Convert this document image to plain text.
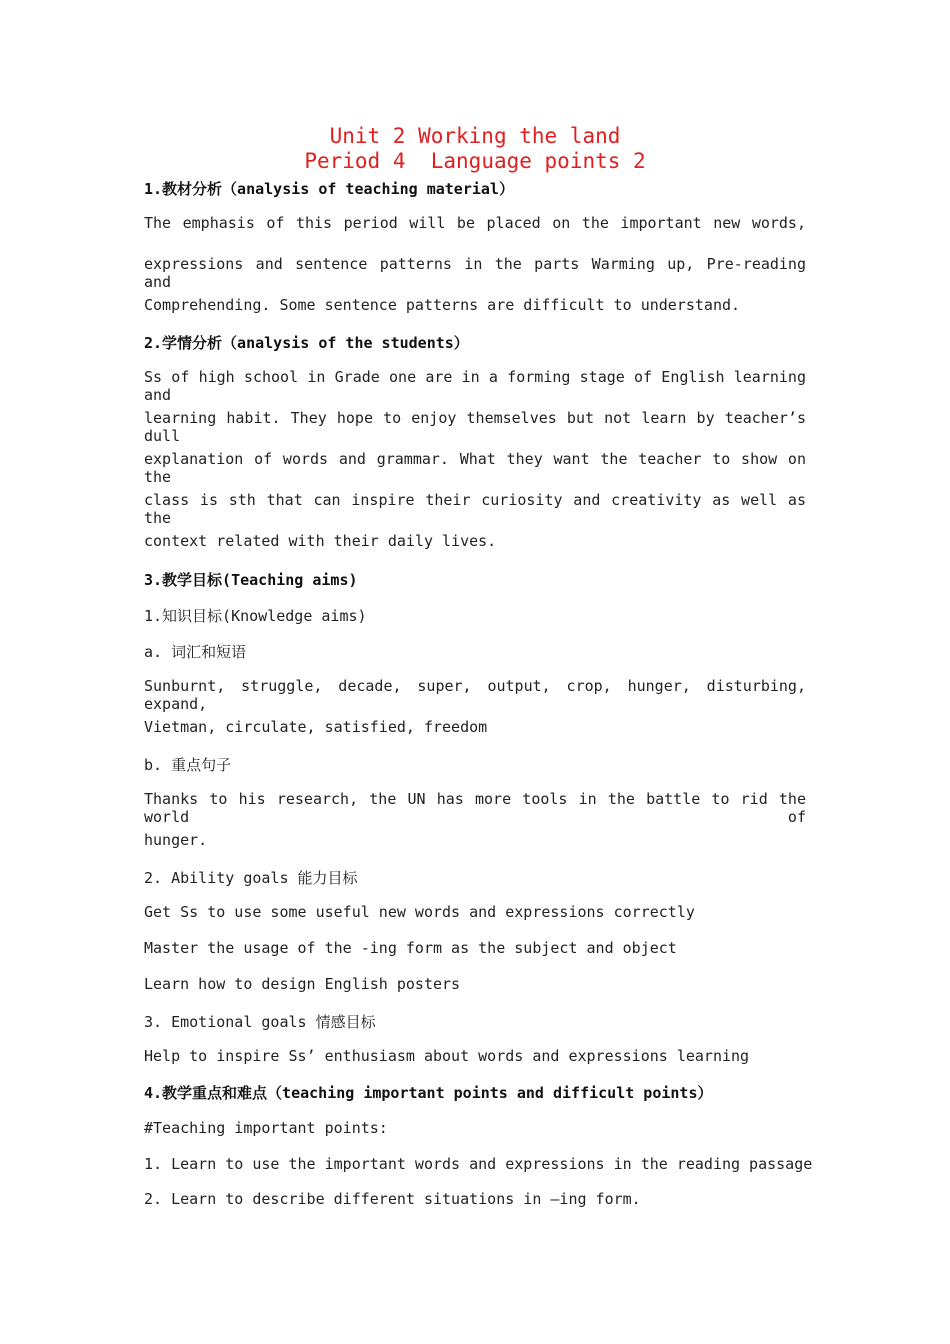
Unit 2 Working the land
Period 4  Language points 2
1.教材分析（analysis of teaching material）
The emphasis of this period will be placed on the important new words,
expressions and sentence patterns in the parts Warming up, Pre-reading and
Comprehending. Some sentence patterns are difficult to understand.
2.学情分析（analysis of the students）
Ss of high school in Grade one are in a forming stage of English learning and
learning habit. They hope to enjoy themselves but not learn by teacher’s dull
explanation of words and grammar. What they want the teacher to show on the
class is sth that can inspire their curiosity and creativity as well as the
context related with their daily lives.
3.教学目标(Teaching aims)
1.知识目标(Knowledge aims)
a. 词汇和短语
Sunburnt, struggle, decade, super, output, crop, hunger, disturbing, expand,
Vietman, circulate, satisfied, freedom
b. 重点句子
Thanks to his research, the UN has more tools in the battle to rid the world of
hunger.
2. Ability goals 能力目标
Get Ss to use some useful new words and expressions correctly
Master the usage of the -ing form as the subject and object
Learn how to design English posters
3. Emotional goals 情感目标
Help to inspire Ss’ enthusiasm about words and expressions learning
4.教学重点和难点（teaching important points and difficult points）
#Teaching important points:
1. Learn to use the important words and expressions in the reading passage
2. Learn to describe different situations in –ing form.
